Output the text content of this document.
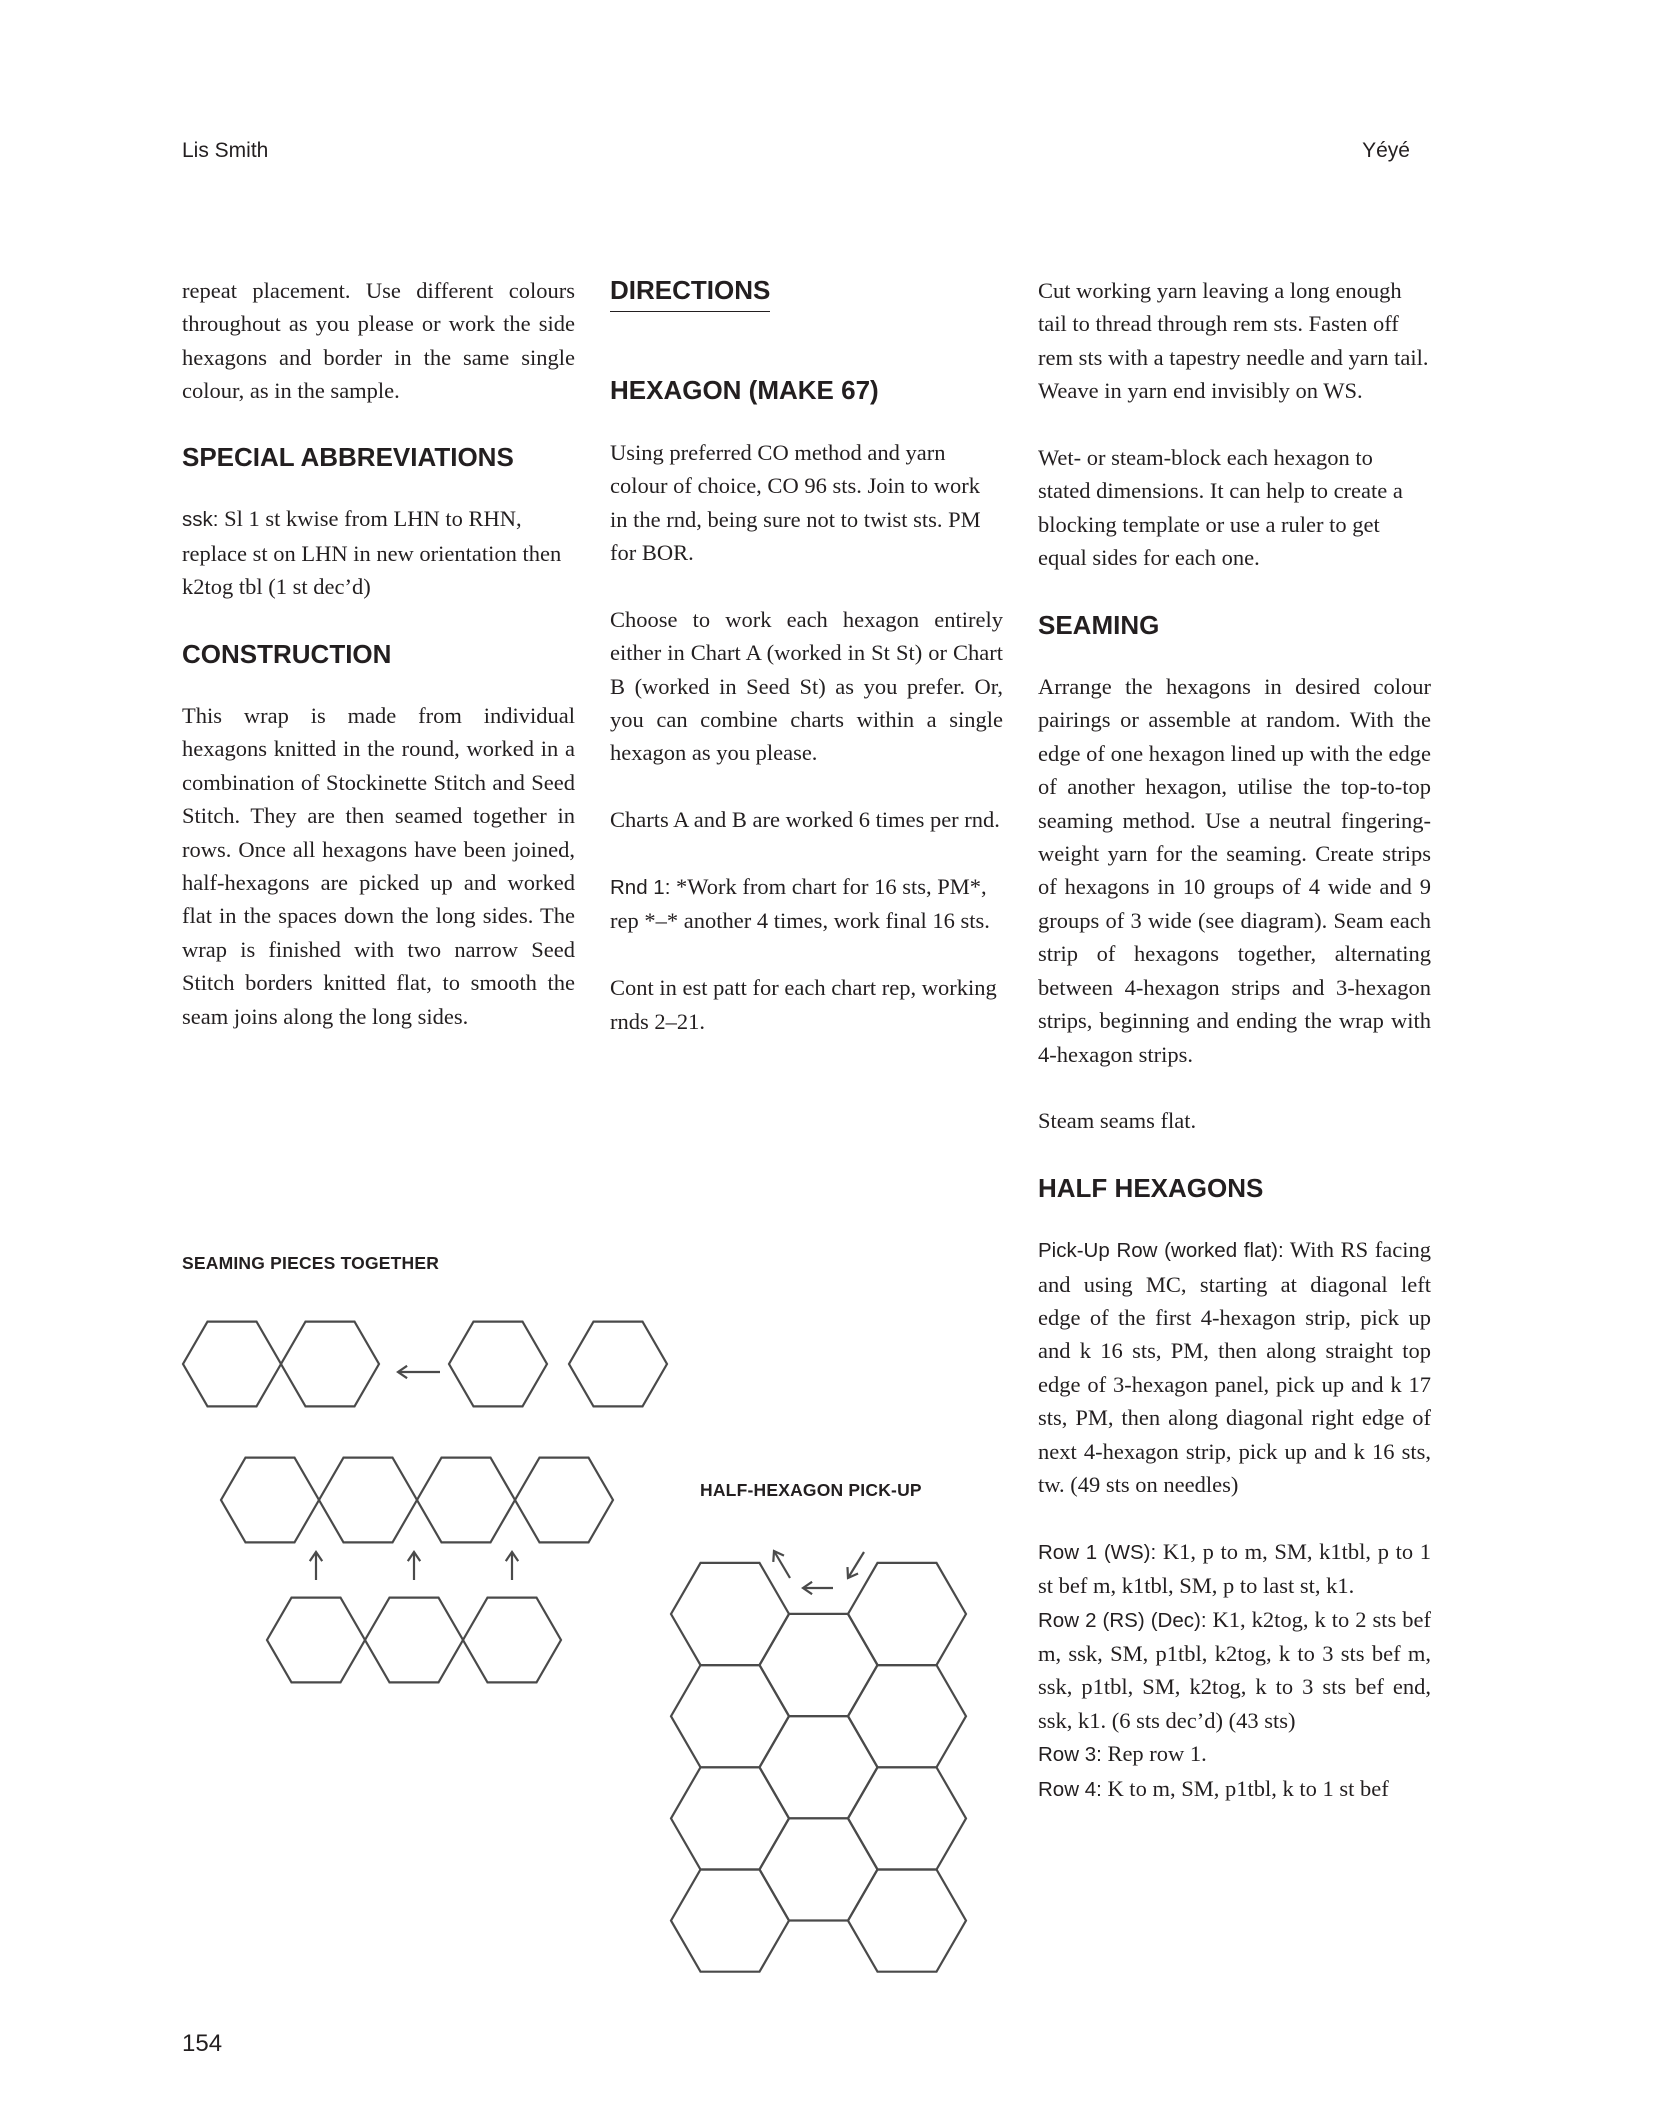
Lis Smith	Yéyé

repeat placement. Use different colours throughout as you please or work the side hexagons and border in the same single colour, as in the sample.

SPECIAL ABBREVIATIONS

ssk: Sl 1 st kwise from LHN to RHN, replace st on LHN in new orientation then k2tog tbl (1 st dec’d)

CONSTRUCTION

This wrap is made from individual hexagons knitted in the round, worked in a combination of Stockinette Stitch and Seed Stitch. They are then seamed together in rows. Once all hexagons have been joined, half-hexagons are picked up and worked flat in the spaces down the long sides. The wrap is finished with two narrow Seed Stitch borders knitted flat, to smooth the seam joins along the long sides.

DIRECTIONS
HEXAGON (MAKE 67)

Using preferred CO method and yarn colour of choice, CO 96 sts. Join to work in the rnd, being sure not to twist sts. PM for BOR.

Choose to work each hexagon entirely either in Chart A (worked in St St) or Chart B (worked in Seed St) as you prefer. Or, you can combine charts within a single hexagon as you please.

Charts A and B are worked 6 times per rnd.

Rnd 1: *Work from chart for 16 sts, PM*, rep *–* another 4 times, work final 16 sts.

Cont in est patt for each chart rep, working rnds 2–21.

Cut working yarn leaving a long enough tail to thread through rem sts. Fasten off rem sts with a tapestry needle and yarn tail. Weave in yarn end invisibly on WS.

Wet- or steam-block each hexagon to stated dimensions. It can help to create a blocking template or use a ruler to get equal sides for each one.

SEAMING

Arrange the hexagons in desired colour pairings or assemble at random. With the edge of one hexagon lined up with the edge of another hexagon, utilise the top-to-top seaming method. Use a neutral fingering-weight yarn for the seaming. Create strips of hexagons in 10 groups of 4 wide and 9 groups of 3 wide (see diagram). Seam each strip of hexagons together, alternating between 4-hexagon strips and 3-hexagon strips, beginning and ending the wrap with 4-hexagon strips.

Steam seams flat.

HALF HEXAGONS

Pick-Up Row (worked flat): With RS facing and using MC, starting at diagonal left edge of the first 4-hexagon strip, pick up and k 16 sts, PM, then along straight top edge of 3-hexagon panel, pick up and k 17 sts, PM, then along diagonal right edge of next 4-hexagon strip, pick up and k 16 sts, tw. (49 sts on needles)

Row 1 (WS): K1, p to m, SM, k1tbl, p to 1 st bef m, k1tbl, SM, p to last st, k1.

Row 2 (RS) (Dec): K1, k2tog, k to 2 sts bef m, ssk, SM, p1tbl, k2tog, k to 3 sts bef m, ssk, p1tbl, SM, k2tog, k to 3 sts bef end, ssk, k1. (6 sts dec’d) (43 sts)

Row 3: Rep row 1.

Row 4: K to m, SM, p1tbl, k to 1 st bef

SEAMING PIECES TOGETHER
HALF-HEXAGON PICK-UP
154
